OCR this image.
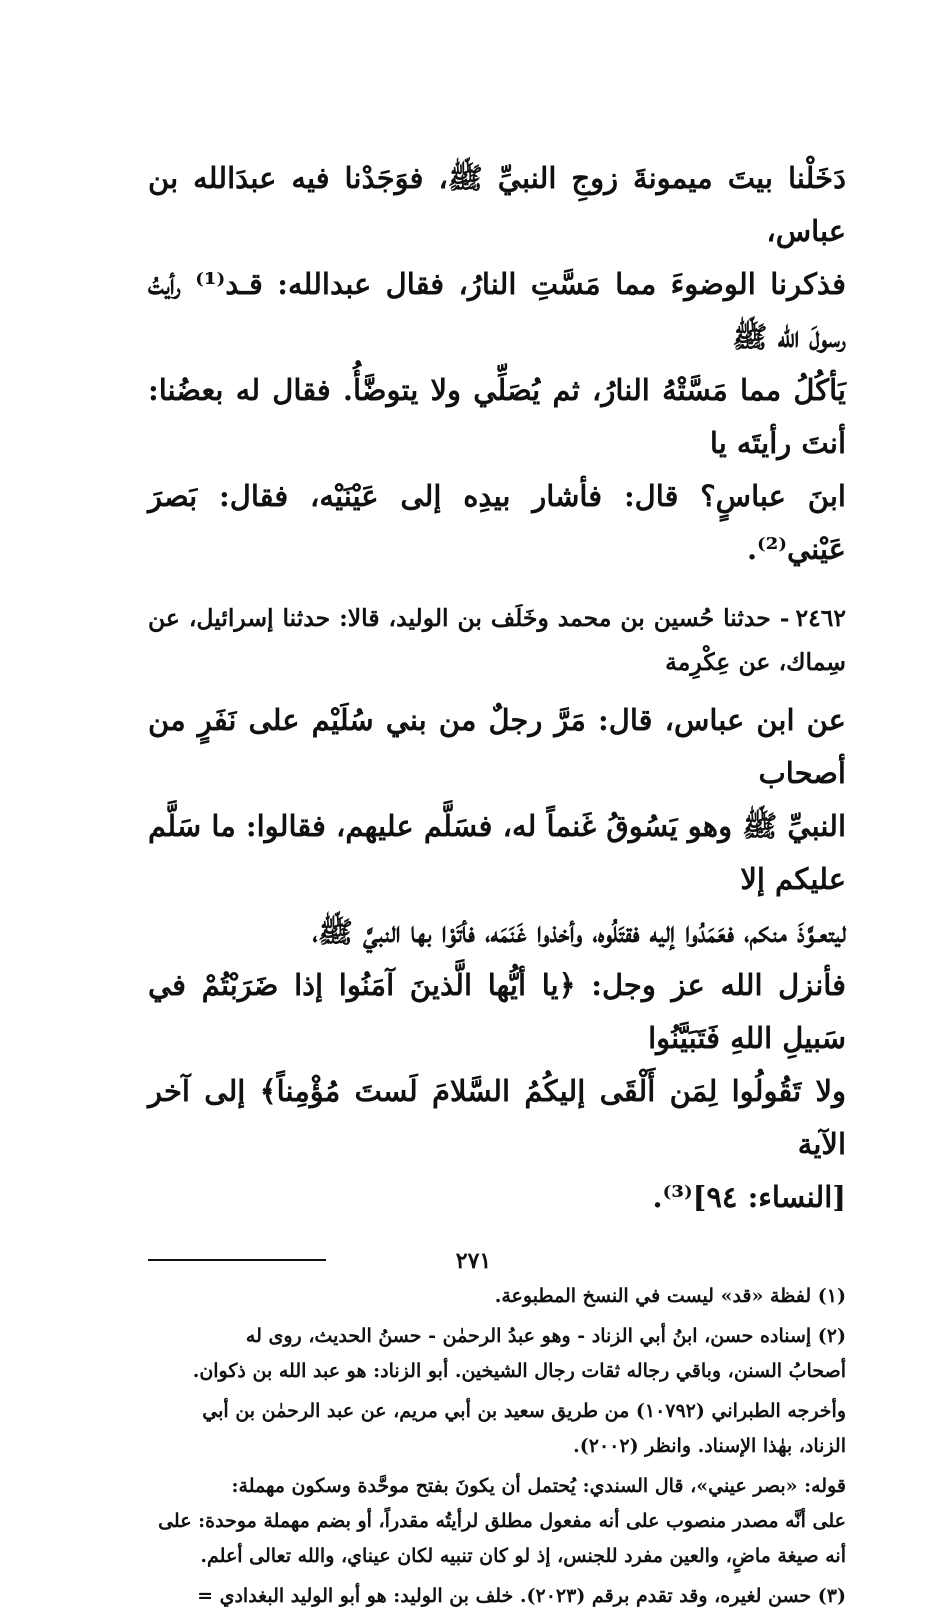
دَخَلْنا بيتَ ميمونةَ زوجِ النبيِّ ﷺ، فوَجَدْنا فيه عبدَالله بن عباس،
فذكرنا الوضوءَ مما مَسَّتِ النارُ، فقال عبدالله: قـد⁽¹⁾ رأيتُ رسولَ الله ﷺ
يَأكُلُ مما مَسَّتْهُ النارُ، ثم يُصَلِّي ولا يتوضَّأُ. فقال له بعضُنا: أنتَ رأيتَه يا
ابنَ عباسٍ؟ قال: فأشار بيدِه إلى عَيْنَيْه، فقال: بَصرَ عَيْني⁽²⁾.

٢٤٦٢- حدثنا حُسين بن محمد وخَلَف بن الوليد، قالا: حدثنا إسرائيل، عن سِماك، عن عِكْرِمة

عن ابن عباس، قال: مَرَّ رجلٌ من بني سُلَيْم على نَفَرٍ من أصحاب
النبيِّ ﷺ وهو يَسُوقُ غَنماً له، فسَلَّم عليهم، فقالوا: ما سَلَّم عليكم إلا
ليتعـوَّذَ منكم، فعَمَدُوا إليه فقتَلُوه، وأخذوا غَنَمَه، فأتَوْا بها النبيَّ ﷺ،
فأنزل الله عز وجل: ﴿يا أيُّها الَّذينَ آمَنُوا إذا ضَرَبْتُمْ في سَبيلِ اللهِ فَتَبَيَّنُوا
ولا تَقُولُوا لِمَن أَلْقَى إليكُمُ السَّلامَ لَستَ مُؤْمِناً﴾ إلى آخر الآية
[النساء: ٩٤]⁽³⁾.

(١) لفظة «قد» ليست في النسخ المطبوعة.

(٢) إسناده حسن، ابنُ أبي الزناد - وهو عبدُ الرحمٰن - حسنُ الحديث، روى له
أصحابُ السنن، وباقي رجاله ثقات رجال الشيخين. أبو الزناد: هو عبد الله بن ذكوان.

وأخرجه الطبراني (١٠٧٩٢) من طريق سعيد بن أبي مريم، عن عبد الرحمٰن بن أبي
الزناد، بهٰذا الإسناد. وانظر (٢٠٠٢).

قوله: «بصر عيني»، قال السندي: يُحتمل أن يكونَ بفتح موحَّدة وسكون مهملة:
على أنَّه مصدر منصوب على أنه مفعول مطلق لرأيتُه مقدراً، أو بضم مهملة موحدة: على
أنه صيغة ماضٍ، والعين مفرد للجنس، إذ لو كان تنبيه لكان عيناي، والله تعالى أعلم.

(٣) حسن لغيره، وقد تقدم برقم (٢٠٢٣). خلف بن الوليد: هو أبو الوليد البغدادي =

٢٧١
